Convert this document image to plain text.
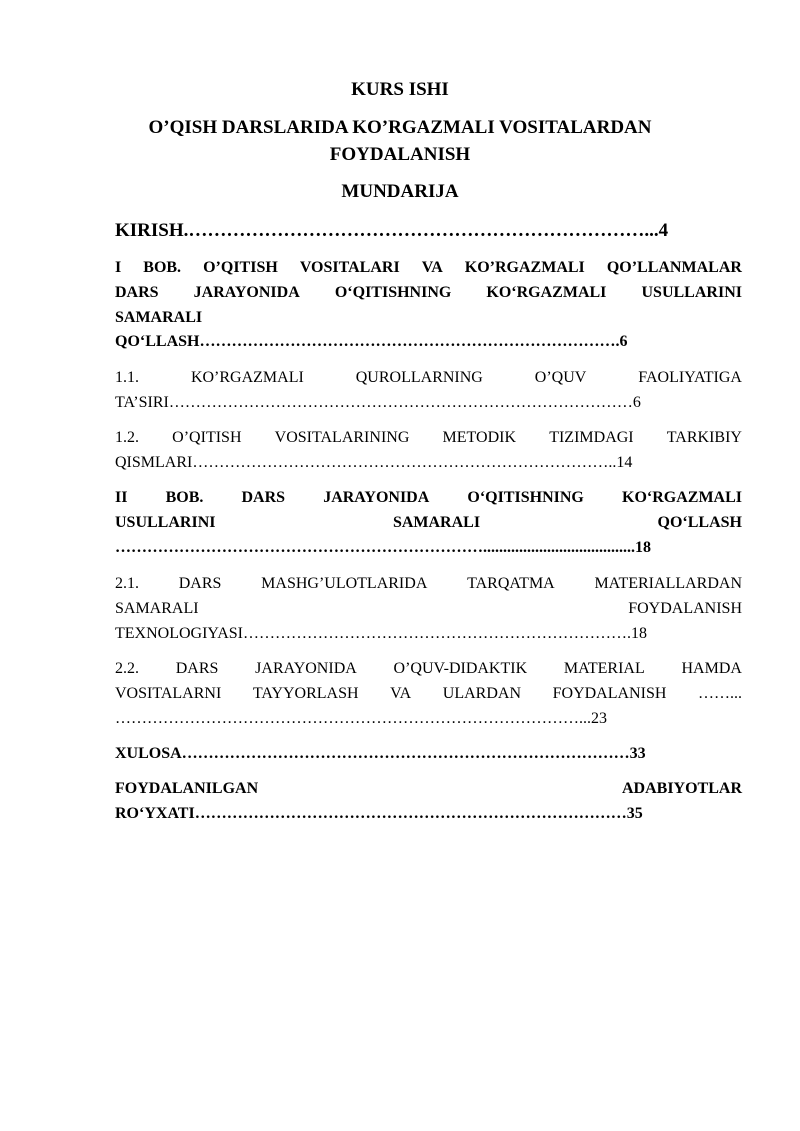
KURS ISHI

O’QISH DARSLARIDA KO’RGAZMALI VOSITALARDAN

FOYDALANISH

MUNDARIJA

KIRISH.………………………………………………………………...4

I BOB. O’QITISH VOSITALARI VA KO’RGAZMALI QO’LLANMALAR

DARS JARAYONIDA O‘QITISHNING KO‘RGAZMALI USULLARINI

SAMARALI

QO‘LLASH…………………………………………………………………….6

1.1.	KO’RGAZMALI	QUROLLARNING	O’QUV	FAOLIYATIGA

TA’SIRI……………………………………………………………………………6

1.2. O’QITISH VOSITALARINING METODIK TIZIMDAGI TARKIBIY

QISMLARI……………………………………………………………………..14

II BOB. DARS JARAYONIDA O‘QITISHNING KO‘RGAZMALI

USULLARINI	SAMARALI	QO‘LLASH

……………………………………………………………......................................18

2.1. DARS MASHG’ULOTLARIDA TARQATMA MATERIALLARDAN

SAMARALI	FOYDALANISH

TEXNOLOGIYASI……………………………………………………………….18

2.2. DARS JARAYONIDA O’QUV-DIDAKTIK MATERIAL HAMDA

VOSITALARNI TAYYORLASH VA ULARDAN FOYDALANISH ……...

……………………………………………………………………………...23

XULOSA…………………………………………………………………………33

FOYDALANILGAN	ADABIYOTLAR

RO‘YXATI………………………………………………………………………35
